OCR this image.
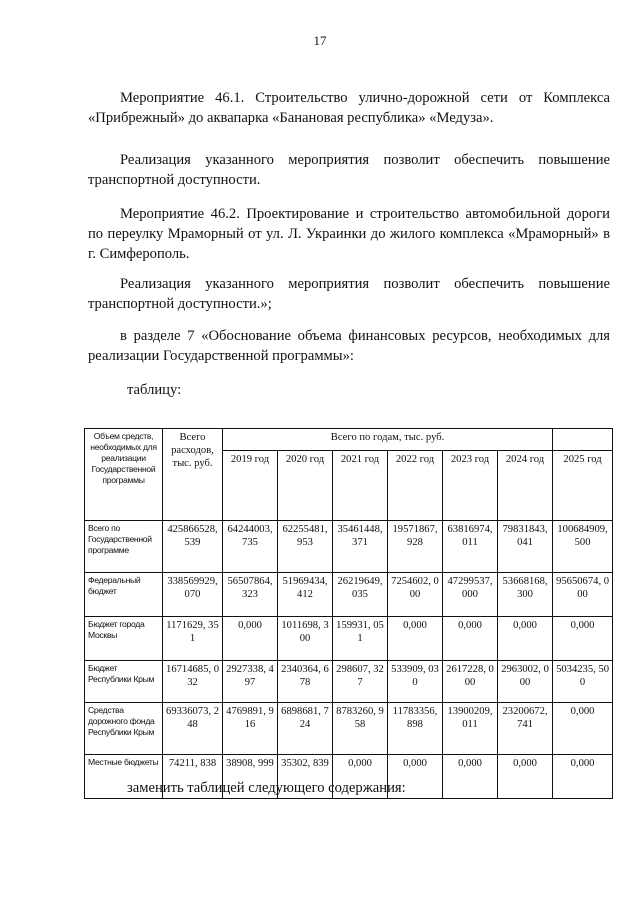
17

Мероприятие 46.1. Строительство улично-дорожной сети от Комплекса «Прибрежный» до аквапарка «Банановая республика» «Медуза».

Реализация указанного мероприятия позволит обеспечить повышение транспортной доступности.

Мероприятие 46.2. Проектирование и строительство автомобильной дороги по переулку Мраморный от ул. Л. Украинки до жилого комплекса «Мраморный» в г. Симферополь.

Реализация указанного мероприятия позволит обеспечить повышение транспортной доступности.»;

в разделе 7 «Обоснование объема финансовых ресурсов, необходимых для реализации Государственной программы»:

таблицу:
Объем средств, необходимых для реализации Государственной программы	Всего расходов, тыс. руб.	Всего по годам, тыс. руб.						
		2019 год	2020 год	2021 год	2022 год	2023 год	2024 год	2025 год
Всего по Государственной программе	425866528, 539	64244003, 735	62255481, 953	35461448, 371	19571867, 928	63816974, 011	79831843, 041	100684909, 500
Федеральный бюджет	338569929, 070	56507864, 323	51969434, 412	26219649, 035	7254602, 000	47299537, 000	53668168, 300	95650674, 000
Бюджет города Москвы	1171629, 351	0,000	1011698, 300	159931, 051	0,000	0,000	0,000	0,000
Бюджет Республики Крым	16714685, 032	2927338, 497	2340364, 678	298607, 327	533909, 030	2617228, 000	2963002, 000	5034235, 500
Средства дорожного фонда Республики Крым	69336073, 248	4769891, 916	6898681, 724	8783260, 958	11783356, 898	13900209, 011	23200672, 741	0,000
Местные бюджеты	74211, 838	38908, 999	35302, 839	0,000	0,000	0,000	0,000	0,000
заменить таблицей следующего содержания:
